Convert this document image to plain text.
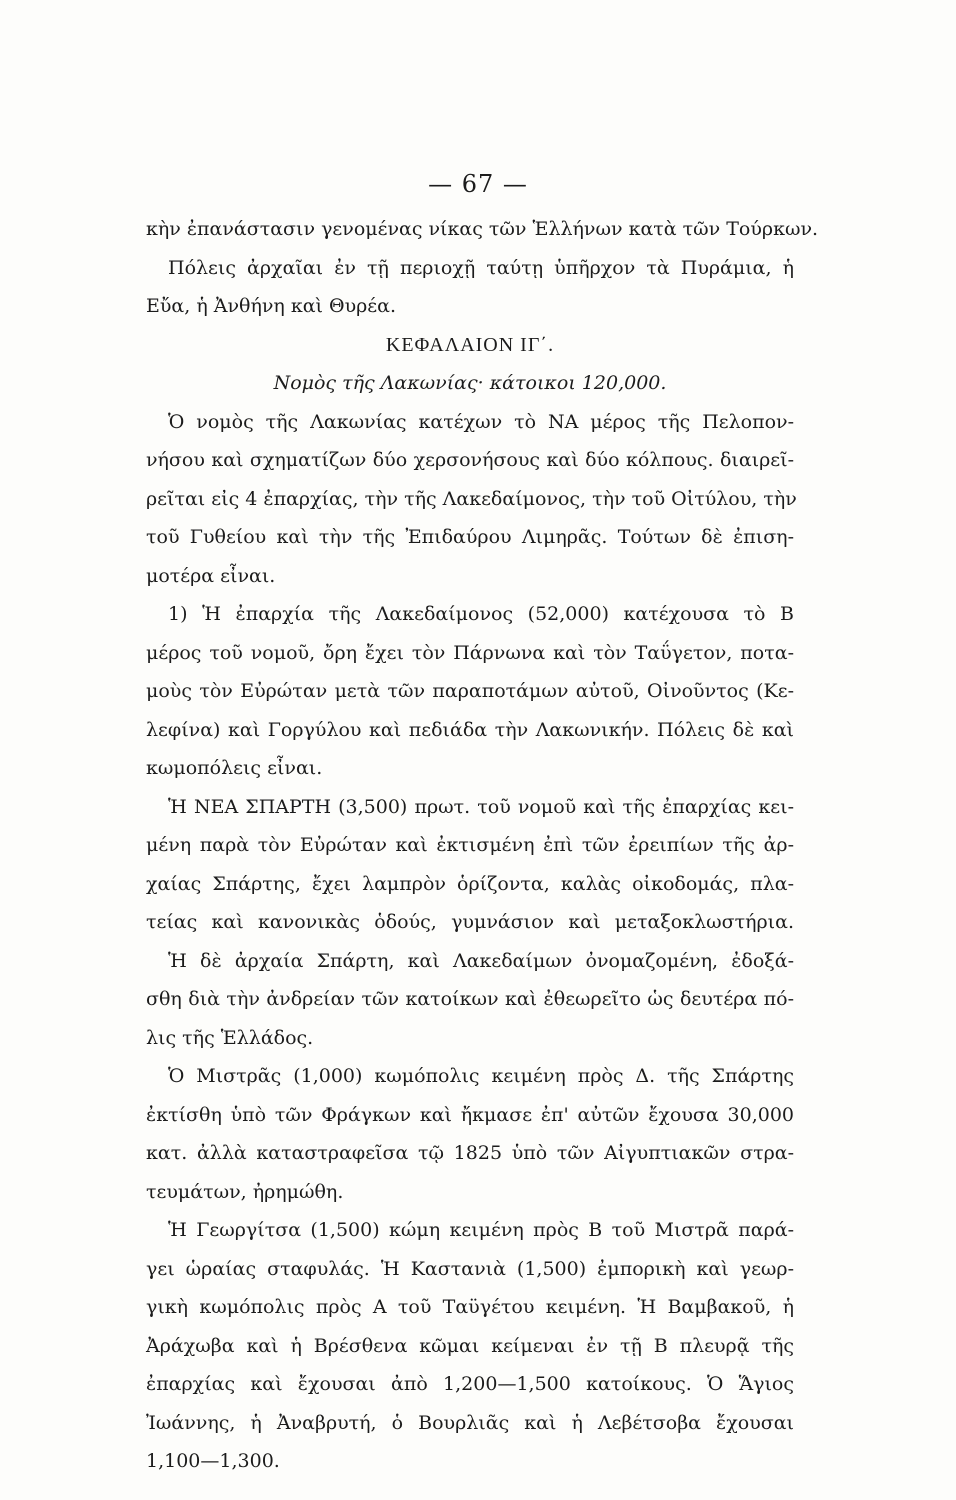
— 67 —
κὴν ἐπανάστασιν γενομένας νίκας τῶν Ἑλλήνων κατὰ τῶν Τούρκων.
Πόλεις ἀρχαῖαι ἐν τῇ περιοχῇ ταύτῃ ὑπῆρχον τὰ Πυράμια, ἡ
Εὔα, ἡ Ἀνθήνη καὶ Θυρέα.
ΚΕΦΑΛΑΙΟΝ ΙΓ΄.
Νομὸς τῆς Λακωνίας· κάτοικοι 120,000.
Ὁ νομὸς τῆς Λακωνίας κατέχων τὸ ΝΑ μέρος τῆς Πελοπον-
νήσου καὶ σχηματίζων δύο χερσονήσους καὶ δύο κόλπους. διαιρεῖ-
ρεῖται εἰς 4 ἐπαρχίας, τὴν τῆς Λακεδαίμονος, τὴν τοῦ Οἰτύλου, τὴν
τοῦ Γυθείου καὶ τὴν τῆς Ἐπιδαύρου Λιμηρᾶς. Τούτων δὲ ἐπιση-
μοτέρα εἶναι.
1) Ἡ ἐπαρχία τῆς Λακεδαίμονος (52,000) κατέχουσα τὸ Β
μέρος τοῦ νομοῦ, ὄρη ἔχει τὸν Πάρνωνα καὶ τὸν Ταΰγετον, ποτα-
μοὺς τὸν Εὐρώταν μετὰ τῶν παραποτάμων αὐτοῦ, Οἰνοῦντος (Κε-
λεφίνα) καὶ Γοργύλου καὶ πεδιάδα τὴν Λακωνικήν. Πόλεις δὲ καὶ
κωμοπόλεις εἶναι.
Ἡ ΝΕΑ ΣΠΑΡΤΗ (3,500) πρωτ. τοῦ νομοῦ καὶ τῆς ἐπαρχίας κει-
μένη παρὰ τὸν Εὐρώταν καὶ ἐκτισμένη ἐπὶ τῶν ἐρειπίων τῆς ἀρ-
χαίας Σπάρτης, ἔχει λαμπρὸν ὁρίζοντα, καλὰς οἰκοδομάς, πλα-
τείας καὶ κανονικὰς ὁδούς, γυμνάσιον καὶ μεταξοκλωστήρια.
Ἡ δὲ ἀρχαία Σπάρτη, καὶ Λακεδαίμων ὀνομαζομένη, ἐδοξά-
σθη διὰ τὴν ἀνδρείαν τῶν κατοίκων καὶ ἐθεωρεῖτο ὡς δευτέρα πό-
λις τῆς Ἑλλάδος.
Ὁ Μιστρᾶς (1,000) κωμόπολις κειμένη πρὸς Δ. τῆς Σπάρτης
ἐκτίσθη ὑπὸ τῶν Φράγκων καὶ ἤκμασε ἐπ' αὐτῶν ἔχουσα 30,000
κατ. ἀλλὰ καταστραφεῖσα τῷ 1825 ὑπὸ τῶν Αἰγυπτιακῶν στρα-
τευμάτων, ἠρημώθη.
Ἡ Γεωργίτσα (1,500) κώμη κειμένη πρὸς Β τοῦ Μιστρᾶ παρά-
γει ὡραίας σταφυλάς. Ἡ Καστανιὰ (1,500) ἐμπορικὴ καὶ γεωρ-
γικὴ κωμόπολις πρὸς Α τοῦ Ταϋγέτου κειμένη. Ἡ Βαμβακοῦ, ἡ
Ἀράχωβα καὶ ἡ Βρέσθενα κῶμαι κείμεναι ἐν τῇ Β πλευρᾷ τῆς
ἐπαρχίας καὶ ἔχουσαι ἀπὸ 1,200—1,500 κατοίκους. Ὁ Ἅγιος
Ἰωάννης, ἡ Ἀναβρυτή, ὁ Βουρλιᾶς καὶ ἡ Λεβέτσοβα ἔχουσαι
1,100—1,300.
